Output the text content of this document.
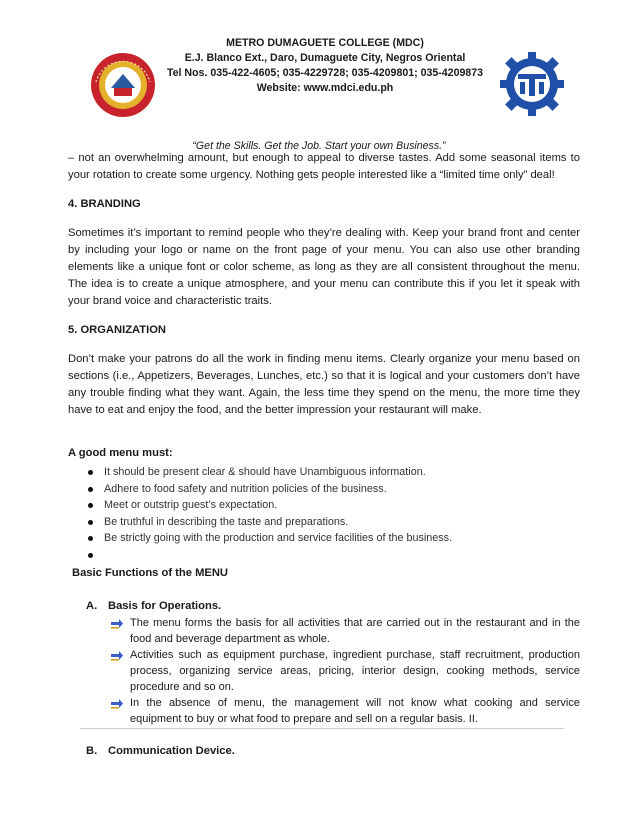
METRO DUMAGUETE COLLEGE (MDC)
E.J. Blanco Ext., Daro, Dumaguete City, Negros Oriental
Tel Nos. 035-422-4605; 035-4229728; 035-4209801; 035-4209873
Website: www.mdci.edu.ph
“Get the Skills. Get the Job. Start your own Business.”

– not an overwhelming amount, but enough to appeal to diverse tastes. Add some seasonal items to your rotation to create some urgency. Nothing gets people interested like a “limited time only” deal!

4. BRANDING

Sometimes it’s important to remind people who they’re dealing with. Keep your brand front and center by including your logo or name on the front page of your menu. You can also use other branding elements like a unique font or color scheme, as long as they are all consistent throughout the menu. The idea is to create a unique atmosphere, and your menu can contribute this if you let it speak with your brand voice and characteristic traits.

5. ORGANIZATION

Don’t make your patrons do all the work in finding menu items. Clearly organize your menu based on sections (i.e., Appetizers, Beverages, Lunches, etc.) so that it is logical and your customers don’t have any trouble finding what they want. Again, the less time they spend on the menu, the more time they have to eat and enjoy the food, and the better impression your restaurant will make.

A good menu must:

It should be present clear & should have Unambiguous information.
Adhere to food safety and nutrition policies of the business.
Meet or outstrip guest’s expectation.
Be truthful in describing the taste and preparations.
Be strictly going with the production and service facilities of the business.

Basic Functions of the MENU

A. Basis for Operations.
The menu forms the basis for all activities that are carried out in the restaurant and in the food and beverage department as whole.
Activities such as equipment purchase, ingredient purchase, staff recruitment, production process, organizing service areas, pricing, interior design, cooking methods, service procedure and so on.
In the absence of menu, the management will not know what cooking and service equipment to buy or what food to prepare and sell on a regular basis. II.
B. Communication Device.
